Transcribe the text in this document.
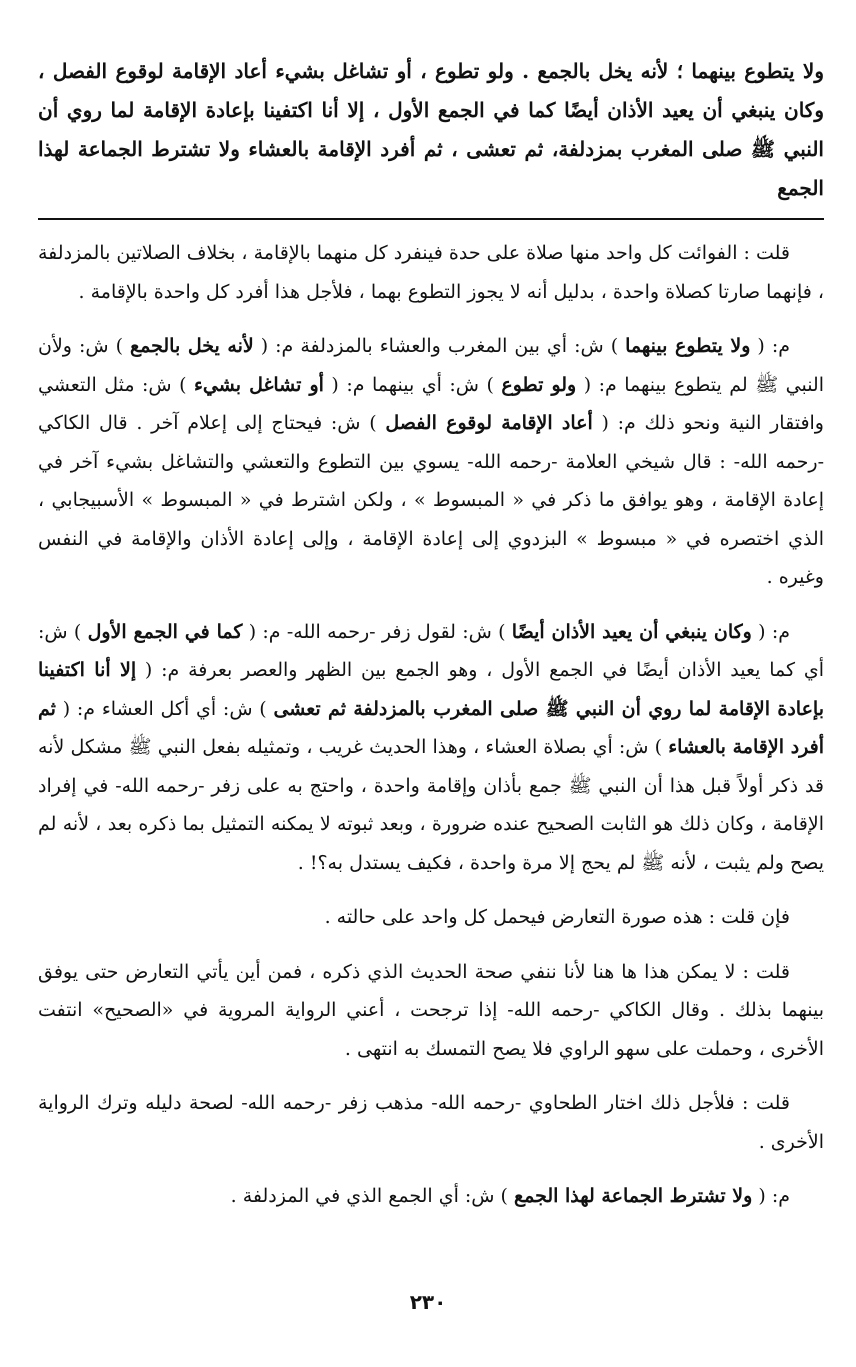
ولا يتطوع بينهما ؛ لأنه يخل بالجمع . ولو تطوع ، أو تشاغل بشيء أعاد الإقامة لوقوع الفصل ، وكان ينبغي أن يعيد الأذان أيضًا كما في الجمع الأول ، إلا أنا اكتفينا بإعادة الإقامة لما روي أن النبي ﷺ صلى المغرب بمزدلفة، ثم تعشى ، ثم أفرد الإقامة بالعشاء ولا تشترط الجماعة لهذا الجمع

قلت : الفوائت كل واحد منها صلاة على حدة فينفرد كل منهما بالإقامة ، بخلاف الصلاتين بالمزدلفة ، فإنهما صارتا كصلاة واحدة ، بدليل أنه لا يجوز التطوع بهما ، فلأجل هذا أفرد كل واحدة بالإقامة .

م: ( ولا يتطوع بينهما ) ش: أي بين المغرب والعشاء بالمزدلفة م: ( لأنه يخل بالجمع ) ش: ولأن النبي ﷺ لم يتطوع بينهما م: ( ولو تطوع ) ش: أي بينهما م: ( أو تشاغل بشيء ) ش: مثل التعشي وافتقار النية ونحو ذلك م: ( أعاد الإقامة لوقوع الفصل ) ش: فيحتاج إلى إعلام آخر . قال الكاكي -رحمه الله- : قال شيخي العلامة -رحمه الله- يسوي بين التطوع والتعشي والتشاغل بشيء آخر في إعادة الإقامة ، وهو يوافق ما ذكر في « المبسوط » ، ولكن اشترط في « المبسوط » الأسبيجابي ، الذي اختصره في « مبسوط » البزدوي إلى إعادة الإقامة ، وإلى إعادة الأذان والإقامة في النفس وغيره .

م: ( وكان ينبغي أن يعيد الأذان أيضًا ) ش: لقول زفر -رحمه الله- م: ( كما في الجمع الأول ) ش: أي كما يعيد الأذان أيضًا في الجمع الأول ، وهو الجمع بين الظهر والعصر بعرفة م: ( إلا أنا اكتفينا بإعادة الإقامة لما روي أن النبي ﷺ صلى المغرب بالمزدلفة ثم تعشى ) ش: أي أكل العشاء م: ( ثم أفرد الإقامة بالعشاء ) ش: أي بصلاة العشاء ، وهذا الحديث غريب ، وتمثيله بفعل النبي ﷺ مشكل لأنه قد ذكر أولاً قبل هذا أن النبي ﷺ جمع بأذان وإقامة واحدة ، واحتج به على زفر -رحمه الله- في إفراد الإقامة ، وكان ذلك هو الثابت الصحيح عنده ضرورة ، وبعد ثبوته لا يمكنه التمثيل بما ذكره بعد ، لأنه لم يصح ولم يثبت ، لأنه ﷺ لم يحج إلا مرة واحدة ، فكيف يستدل به؟! .

فإن قلت : هذه صورة التعارض فيحمل كل واحد على حالته .

قلت : لا يمكن هذا ها هنا لأنا ننفي صحة الحديث الذي ذكره ، فمن أين يأتي التعارض حتى يوفق بينهما بذلك . وقال الكاكي -رحمه الله- إذا ترجحت ، أعني الرواية المروية في «الصحيح» انتفت الأخرى ، وحملت على سهو الراوي فلا يصح التمسك به انتهى .

قلت : فلأجل ذلك اختار الطحاوي -رحمه الله- مذهب زفر -رحمه الله- لصحة دليله وترك الرواية الأخرى .

م: ( ولا تشترط الجماعة لهذا الجمع ) ش: أي الجمع الذي في المزدلفة .

٢٣٠
